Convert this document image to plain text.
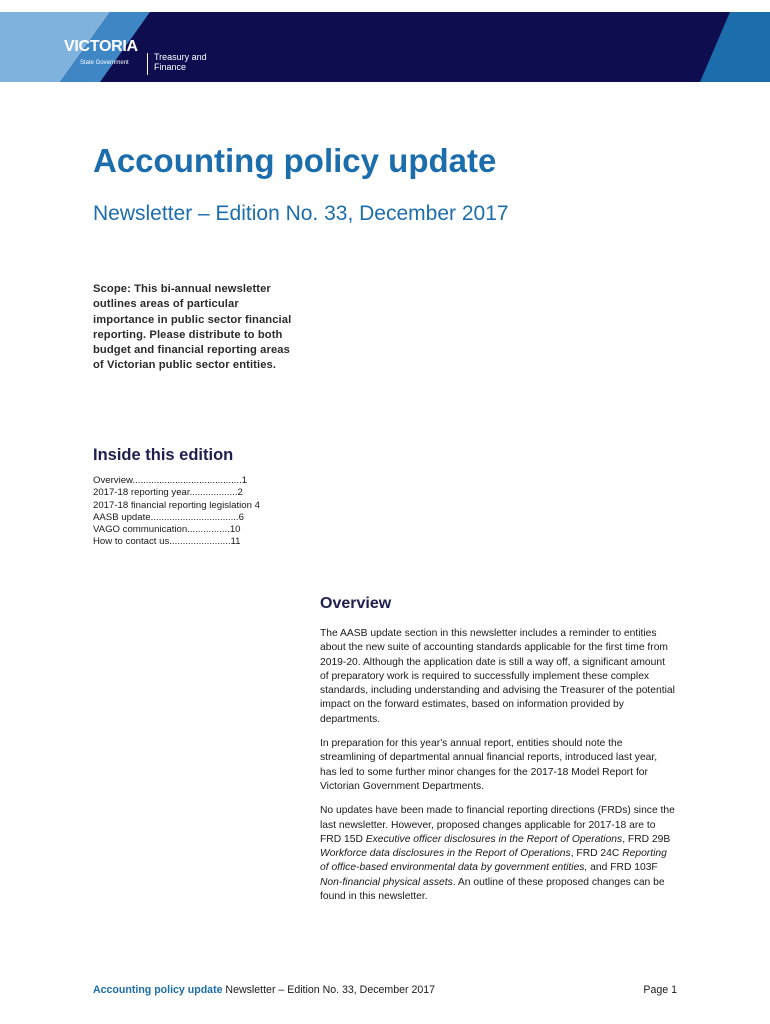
VICTORIA
State Government
Treasury and Finance
Accounting policy update
Newsletter – Edition No. 33, December 2017

Scope: This bi-annual newsletter outlines areas of particular importance in public sector financial reporting. Please distribute to both budget and financial reporting areas of Victorian public sector entities.

Inside this edition
Overview.........................................1
2017-18 reporting year..................2
2017-18 financial reporting legislation 4
AASB update.................................6
VAGO communication................10
How to contact us.......................11
Overview

The AASB update section in this newsletter includes a reminder to entities about the new suite of accounting standards applicable for the first time from 2019-20. Although the application date is still a way off, a significant amount of preparatory work is required to successfully implement these complex standards, including understanding and advising the Treasurer of the potential impact on the forward estimates, based on information provided by departments.

In preparation for this year's annual report, entities should note the streamlining of departmental annual financial reports, introduced last year, has led to some further minor changes for the 2017-18 Model Report for Victorian Government Departments.

No updates have been made to financial reporting directions (FRDs) since the last newsletter. However, proposed changes applicable for 2017-18 are to FRD 15D Executive officer disclosures in the Report of Operations, FRD 29B Workforce data disclosures in the Report of Operations, FRD 24C Reporting of office-based environmental data by government entities, and FRD 103F Non-financial physical assets. An outline of these proposed changes can be found in this newsletter.

Accounting policy update Newsletter – Edition No. 33, December 2017	Page 1
